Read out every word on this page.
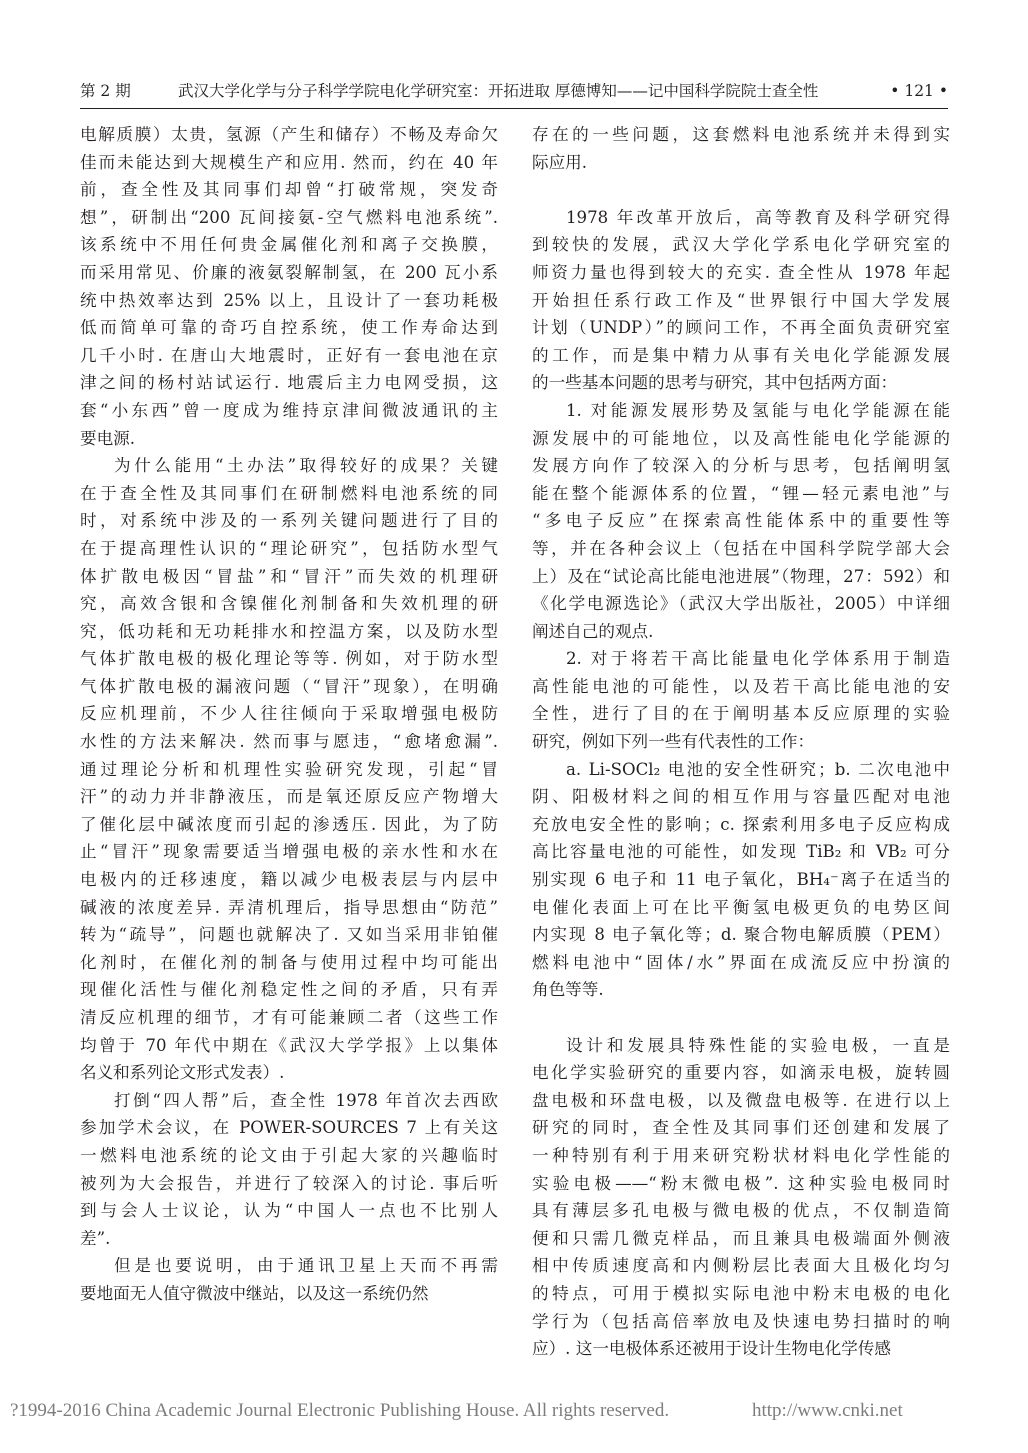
第 2 期	武汉大学化学与分子科学学院电化学研究室：开拓进取 厚德博知——记中国科学院院士查全性	• 121 •
电解质膜）太贵，氢源（产生和储存）不畅及寿命欠
佳而未能达到大规模生产和应用. 然而，约在 40 年
前，查全性及其同事们却曾“打破常规，突发奇
想”，研制出“200 瓦间接氨-空气燃料电池系统”.
该系统中不用任何贵金属催化剂和离子交换膜，
而采用常见、价廉的液氨裂解制氢，在 200 瓦小系
统中热效率达到 25% 以上，且设计了一套功耗极
低而简单可靠的奇巧自控系统，使工作寿命达到
几千小时. 在唐山大地震时，正好有一套电池在京
津之间的杨村站试运行. 地震后主力电网受损，这
套“小东西”曾一度成为维持京津间微波通讯的主
要电源.
为什么能用“土办法”取得较好的成果？关键
在于查全性及其同事们在研制燃料电池系统的同
时，对系统中涉及的一系列关键问题进行了目的
在于提高理性认识的“理论研究”，包括防水型气
体扩散电极因“冒盐”和“冒汗”而失效的机理研
究，高效含银和含镍催化剂制备和失效机理的研
究，低功耗和无功耗排水和控温方案，以及防水型
气体扩散电极的极化理论等等. 例如，对于防水型
气体扩散电极的漏液问题（“冒汗”现象），在明确
反应机理前，不少人往往倾向于采取增强电极防
水性的方法来解决. 然而事与愿违，“愈堵愈漏”.
通过理论分析和机理性实验研究发现，引起“冒
汗”的动力并非静液压，而是氧还原反应产物增大
了催化层中碱浓度而引起的渗透压. 因此，为了防
止“冒汗”现象需要适当增强电极的亲水性和水在
电极内的迁移速度，籍以减少电极表层与内层中
碱液的浓度差异. 弄清机理后，指导思想由“防范”
转为“疏导”，问题也就解决了. 又如当采用非铂催
化剂时，在催化剂的制备与使用过程中均可能出
现催化活性与催化剂稳定性之间的矛盾，只有弄
清反应机理的细节，才有可能兼顾二者（这些工作
均曾于 70 年代中期在《武汉大学学报》上以集体
名义和系列论文形式发表）.
打倒“四人帮”后，查全性 1978 年首次去西欧
参加学术会议，在 POWER-SOURCES 7 上有关这
一燃料电池系统的论文由于引起大家的兴趣临时
被列为大会报告，并进行了较深入的讨论. 事后听
到与会人士议论，认为“中国人一点也不比别人
差”.
但是也要说明，由于通讯卫星上天而不再需
要地面无人值守微波中继站，以及这一系统仍然
存在的一些问题，这套燃料电池系统并未得到实
际应用.
1978 年改革开放后，高等教育及科学研究得
到较快的发展，武汉大学化学系电化学研究室的
师资力量也得到较大的充实. 查全性从 1978 年起
开始担任系行政工作及“世界银行中国大学发展
计划（UNDP）”的顾问工作，不再全面负责研究室
的工作，而是集中精力从事有关电化学能源发展
的一些基本问题的思考与研究，其中包括两方面：
1. 对能源发展形势及氢能与电化学能源在能
源发展中的可能地位，以及高性能电化学能源的
发展方向作了较深入的分析与思考，包括阐明氢
能在整个能源体系的位置，“锂—轻元素电池”与
“多电子反应”在探索高性能体系中的重要性等
等，并在各种会议上（包括在中国科学院学部大会
上）及在“试论高比能电池进展”（物理，27：592）和
《化学电源选论》（武汉大学出版社，2005）中详细
阐述自己的观点.
2. 对于将若干高比能量电化学体系用于制造
高性能电池的可能性，以及若干高比能电池的安
全性，进行了目的在于阐明基本反应原理的实验
研究，例如下列一些有代表性的工作：
a. Li-SOCl₂ 电池的安全性研究；b. 二次电池中
阴、阳极材料之间的相互作用与容量匹配对电池
充放电安全性的影响；c. 探索利用多电子反应构成
高比容量电池的可能性，如发现 TiB₂ 和 VB₂ 可分
别实现 6 电子和 11 电子氧化，BH₄⁻离子在适当的
电催化表面上可在比平衡氢电极更负的电势区间
内实现 8 电子氧化等；d. 聚合物电解质膜（PEM）
燃料电池中“固体/水”界面在成流反应中扮演的
角色等等.
设计和发展具特殊性能的实验电极，一直是
电化学实验研究的重要内容，如滴汞电极，旋转圆
盘电极和环盘电极，以及微盘电极等. 在进行以上
研究的同时，查全性及其同事们还创建和发展了
一种特别有利于用来研究粉状材料电化学性能的
实验电极——“粉末微电极”. 这种实验电极同时
具有薄层多孔电极与微电极的优点，不仅制造简
便和只需几微克样品，而且兼具电极端面外侧液
相中传质速度高和内侧粉层比表面大且极化均匀
的特点，可用于模拟实际电池中粉末电极的电化
学行为（包括高倍率放电及快速电势扫描时的响
应）. 这一电极体系还被用于设计生物电化学传感
?1994-2016 China Academic Journal Electronic Publishing House. All rights reserved.	http://www.cnki.net
